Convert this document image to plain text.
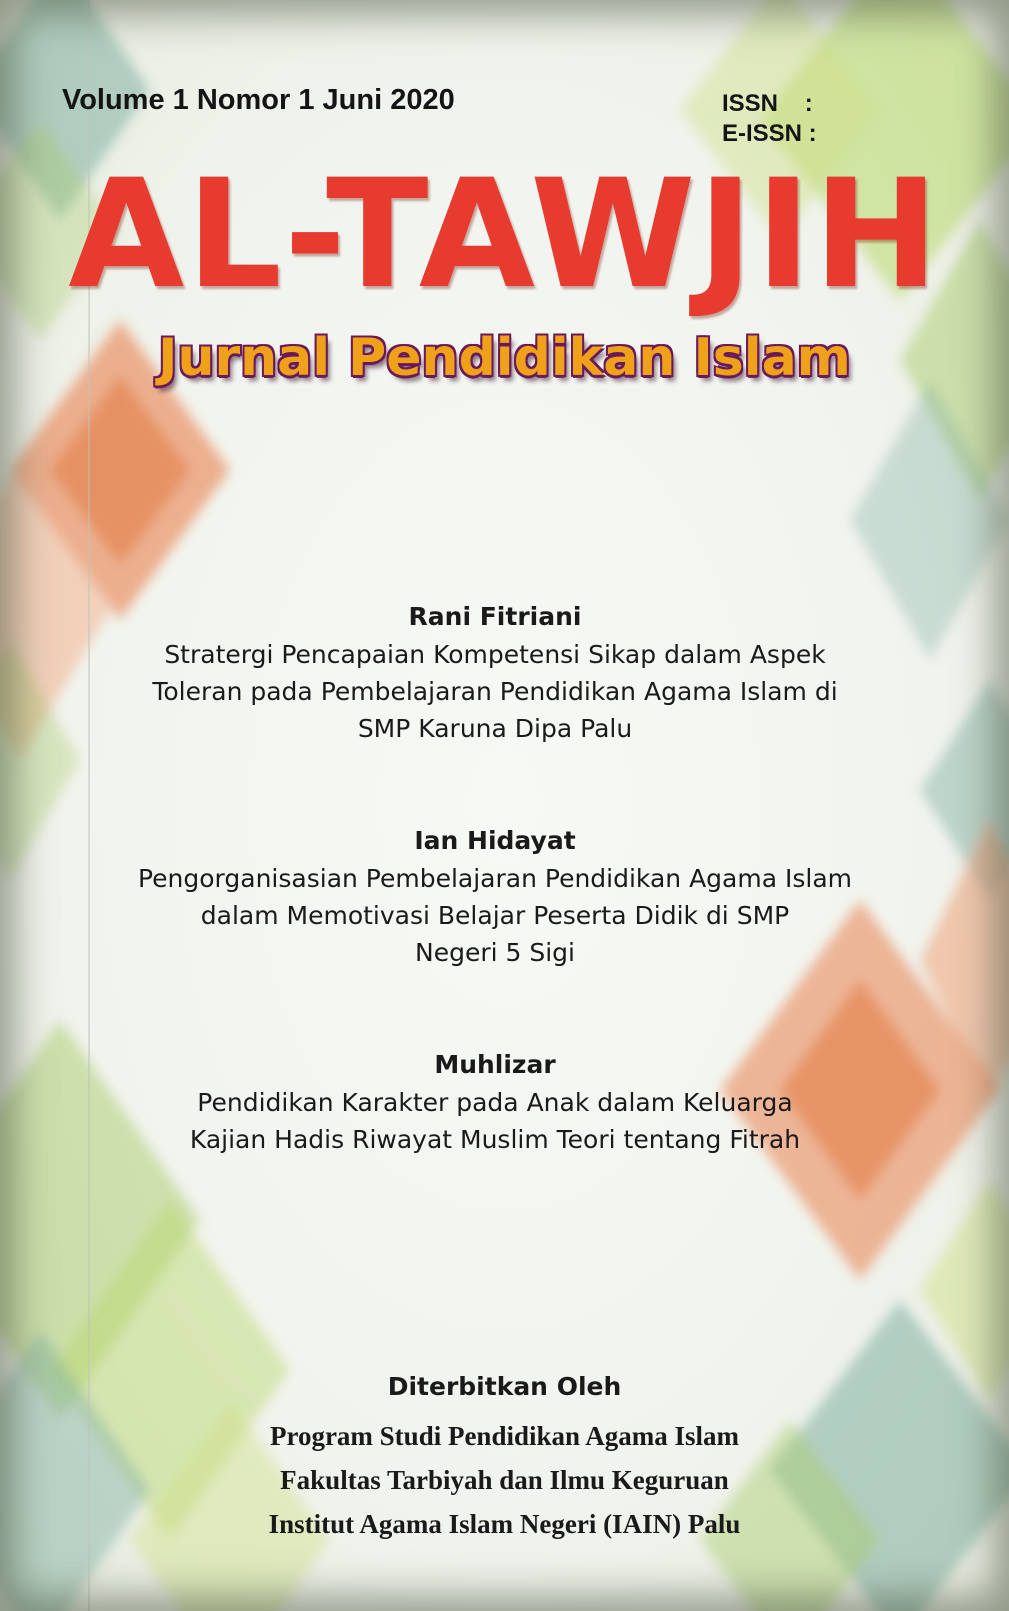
Volume 1 Nomor 1 Juni 2020	ISSN    :

E-ISSN :

AL-TAWJIH
Jurnal Pendidikan Islam

Rani Fitriani

Stratergi Pencapaian Kompetensi Sikap dalam Aspek

Toleran pada Pembelajaran Pendidikan Agama Islam di

SMP Karuna Dipa Palu

Ian Hidayat

Pengorganisasian Pembelajaran Pendidikan Agama Islam

dalam Memotivasi Belajar Peserta Didik di SMP

Negeri 5 Sigi

Muhlizar

Pendidikan Karakter pada Anak dalam Keluarga

Kajian Hadis Riwayat Muslim Teori tentang Fitrah

Diterbitkan Oleh

Program Studi Pendidikan Agama Islam

Fakultas Tarbiyah dan Ilmu Keguruan

Institut Agama Islam Negeri (IAIN) Palu
